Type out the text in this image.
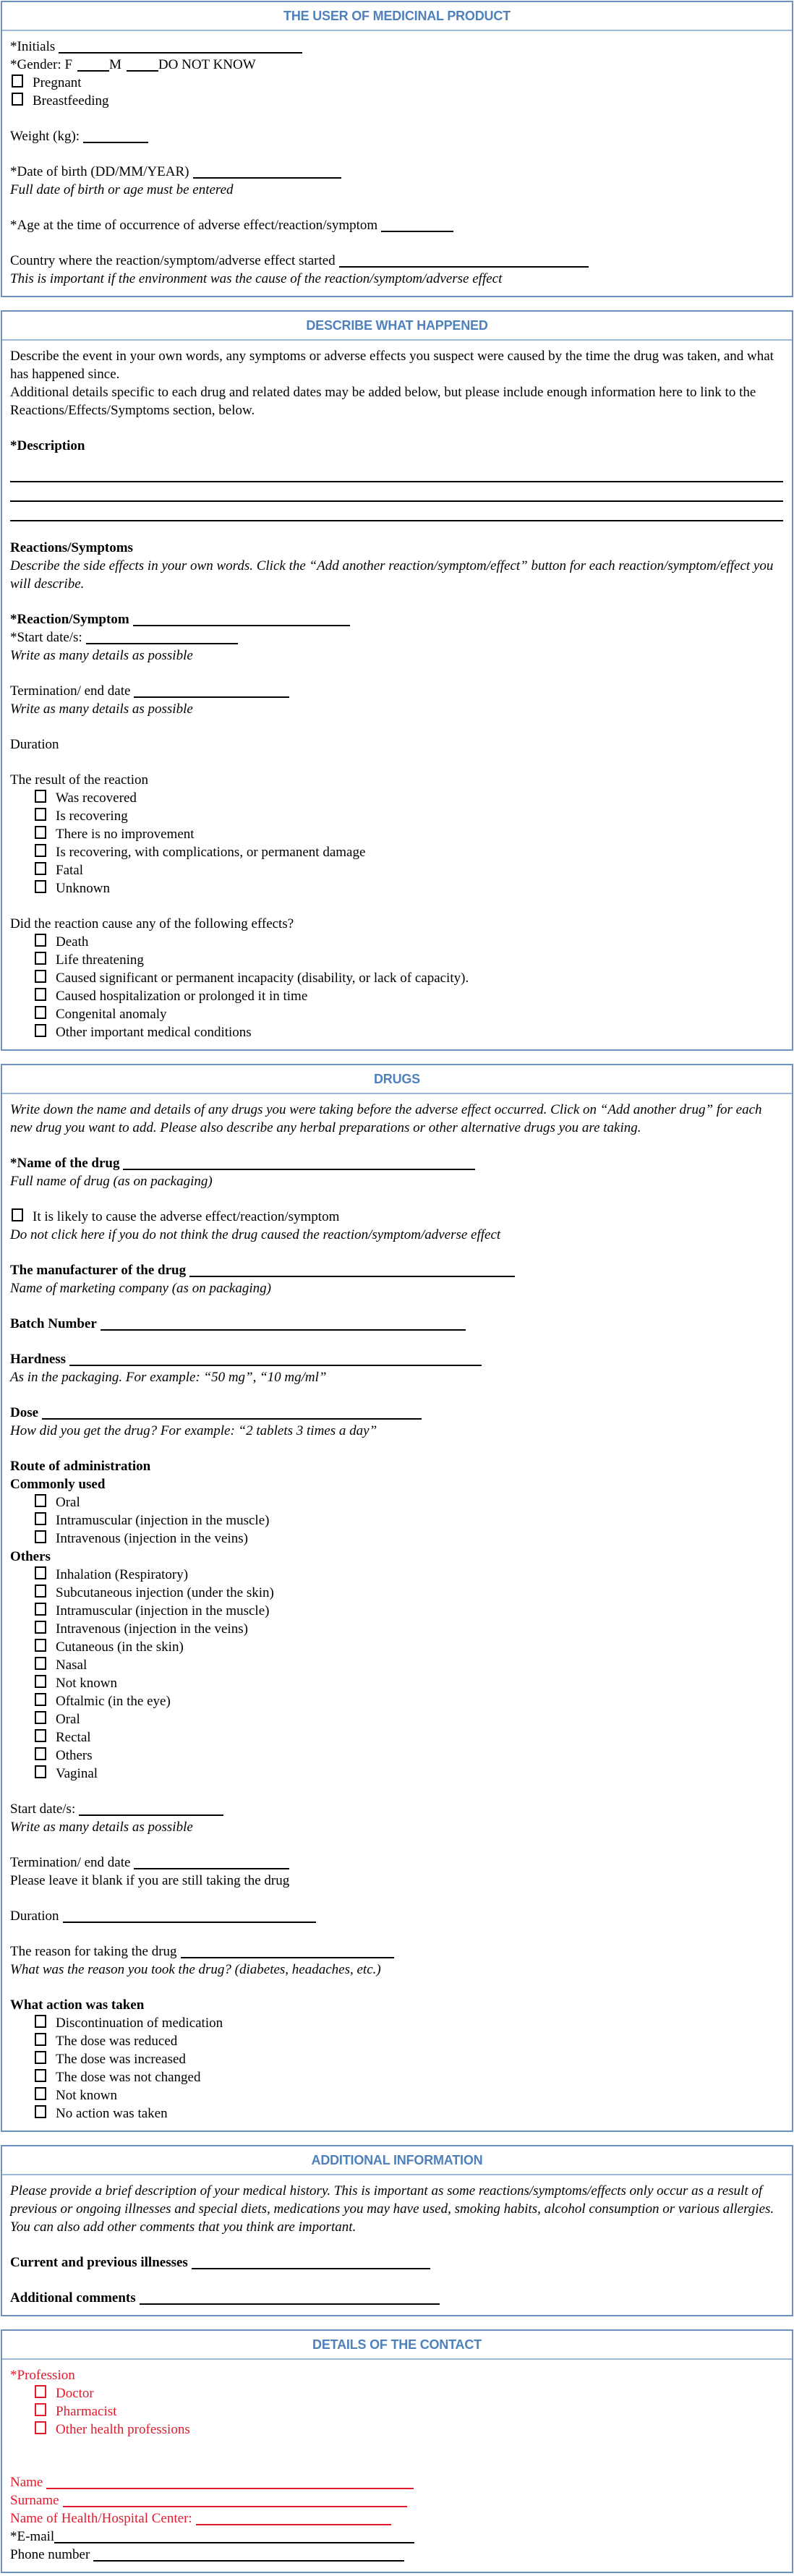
THE USER OF MEDICINAL PRODUCT
*Initials
*Gender: F	M	DO NOT KNOW
Pregnant
Breastfeeding
Weight (kg):
*Date of birth (DD/MM/YEAR)
Full date of birth or age must be entered
*Age at the time of occurrence of adverse effect/reaction/symptom
Country where the reaction/symptom/adverse effect started
This is important if the environment was the cause of the reaction/symptom/adverse effect
DESCRIBE WHAT HAPPENED
Describe the event in your own words, any symptoms or adverse effects you suspect were caused by the time the drug was taken, and what has happened since.
Additional details specific to each drug and related dates may be added below, but please include enough information here to link to the Reactions/Effects/Symptoms section, below.
*Description
Reactions/Symptoms
Describe the side effects in your own words. Click the “Add another reaction/symptom/effect” button for each reaction/symptom/effect you will describe.
*Reaction/Symptom
*Start date/s:
Write as many details as possible
Termination/ end date
Write as many details as possible
Duration
The result of the reaction
Was recovered
Is recovering
There is no improvement
Is recovering, with complications, or permanent damage
Fatal
Unknown
Did the reaction cause any of the following effects?
Death
Life threatening
Caused significant or permanent incapacity (disability, or lack of capacity).
Caused hospitalization or prolonged it in time
Congenital anomaly
Other important medical conditions
DRUGS
Write down the name and details of any drugs you were taking before the adverse effect occurred. Click on “Add another drug” for each new drug you want to add. Please also describe any herbal preparations or other alternative drugs you are taking.
*Name of the drug
Full name of drug (as on packaging)
It is likely to cause the adverse effect/reaction/symptom
Do not click here if you do not think the drug caused the reaction/symptom/adverse effect
The manufacturer of the drug
Name of marketing company (as on packaging)
Batch Number
Hardness
As in the packaging. For example: “50 mg”, “10 mg/ml”
Dose
How did you get the drug? For example: “2 tablets 3 times a day”
Route of administration
Commonly used
Oral
Intramuscular (injection in the muscle)
Intravenous (injection in the veins)
Others
Inhalation (Respiratory)
Subcutaneous injection (under the skin)
Intramuscular (injection in the muscle)
Intravenous (injection in the veins)
Cutaneous (in the skin)
Nasal
Not known
Oftalmic (in the eye)
Oral
Rectal
Others
Vaginal
Start date/s:
Write as many details as possible
Termination/ end date
Please leave it blank if you are still taking the drug
Duration
The reason for taking the drug
What was the reason you took the drug? (diabetes, headaches, etc.)
What action was taken
Discontinuation of medication
The dose was reduced
The dose was increased
The dose was not changed
Not known
No action was taken
ADDITIONAL INFORMATION
Please provide a brief description of your medical history. This is important as some reactions/symptoms/effects only occur as a result of previous or ongoing illnesses and special diets, medications you may have used, smoking habits, alcohol consumption or various allergies. You can also add other comments that you think are important.
Current and previous illnesses
Additional comments
DETAILS OF THE CONTACT
*Profession
Doctor
Pharmacist
Other health professions
Name
Surname
Name of Health/Hospital Center:
*E-mail
Phone number
